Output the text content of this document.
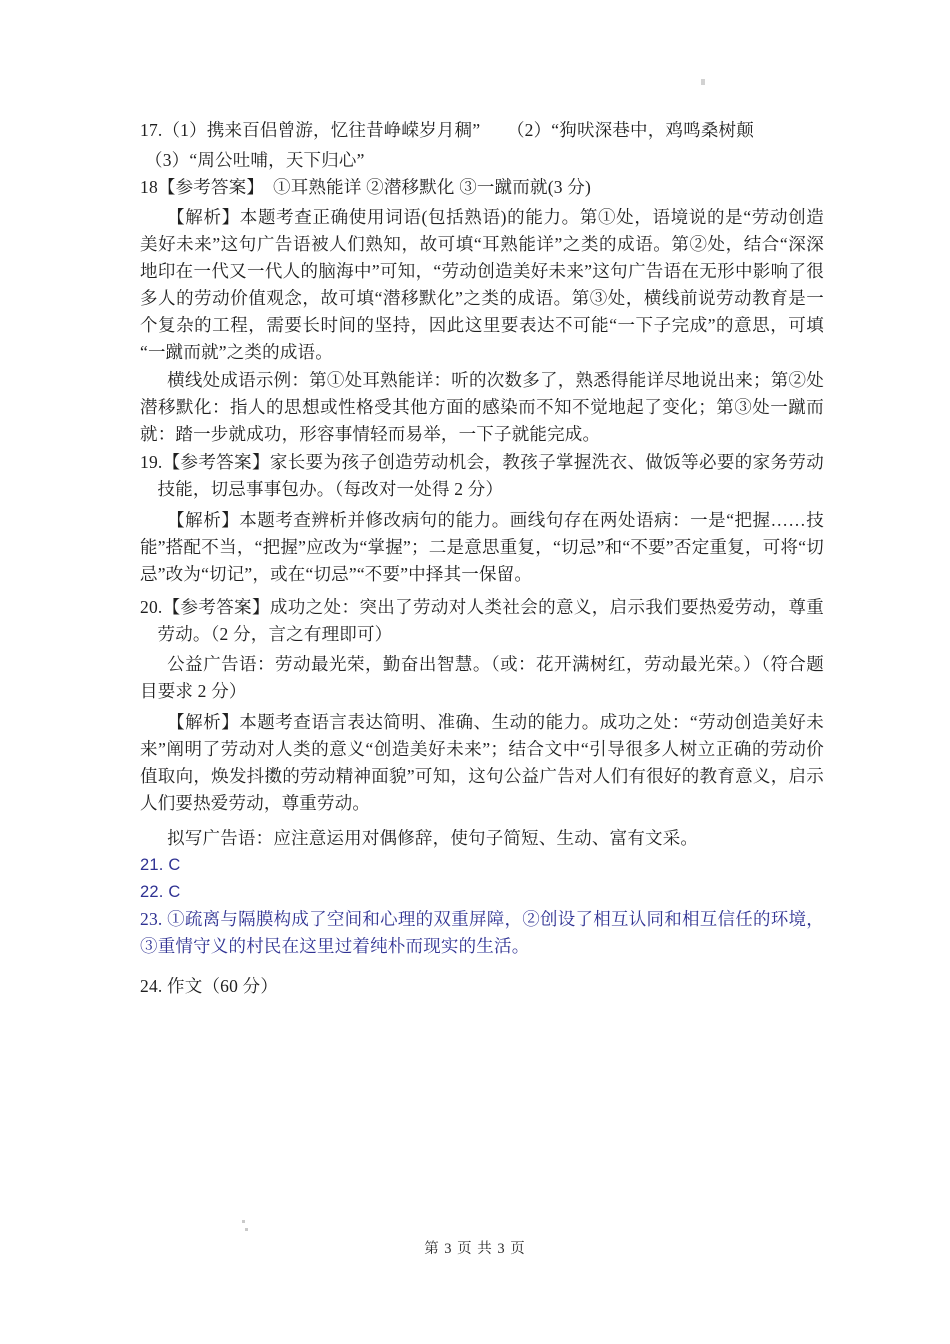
17.（1）携来百侣曾游，忆往昔峥嵘岁月稠”　　（2）“狗吠深巷中，鸡鸣桑树颠

（3）“周公吐哺，天下归心”

18【参考答案】　①耳熟能详 ②潜移默化 ③一蹴而就(3 分)

【解析】本题考查正确使用词语(包括熟语)的能力。第①处，语境说的是“劳动创造美好未来”这句广告语被人们熟知，故可填“耳熟能详”之类的成语。第②处，结合“深深地印在一代又一代人的脑海中”可知，“劳动创造美好未来”这句广告语在无形中影响了很多人的劳动价值观念，故可填“潜移默化”之类的成语。第③处，横线前说劳动教育是一个复杂的工程，需要长时间的坚持，因此这里要表达不可能“一下子完成”的意思，可填“一蹴而就”之类的成语。

横线处成语示例：第①处耳熟能详：听的次数多了，熟悉得能详尽地说出来；第②处潜移默化：指人的思想或性格受其他方面的感染而不知不觉地起了变化；第③处一蹴而就：踏一步就成功，形容事情轻而易举，一下子就能完成。

19.【参考答案】家长要为孩子创造劳动机会，教孩子掌握洗衣、做饭等必要的家务劳动技能，切忌事事包办。（每改对一处得 2 分）

【解析】本题考查辨析并修改病句的能力。画线句存在两处语病：一是“把握……技能”搭配不当，“把握”应改为“掌握”；二是意思重复，“切忌”和“不要”否定重复，可将“切忌”改为“切记”，或在“切忌”“不要”中择其一保留。

20.【参考答案】成功之处：突出了劳动对人类社会的意义，启示我们要热爱劳动，尊重劳动。（2 分，言之有理即可）

公益广告语：劳动最光荣，勤奋出智慧。（或：花开满树红，劳动最光荣。）（符合题目要求 2 分）

【解析】本题考查语言表达简明、准确、生动的能力。成功之处：“劳动创造美好未来”阐明了劳动对人类的意义“创造美好未来”；结合文中“引导很多人树立正确的劳动价值取向，焕发抖擞的劳动精神面貌”可知，这句公益广告对人们有很好的教育意义，启示人们要热爱劳动，尊重劳动。

拟写广告语：应注意运用对偶修辞，使句子简短、生动、富有文采。

21. C

22. C

23. ①疏离与隔膜构成了空间和心理的双重屏障，②创设了相互认同和相互信任的环境，③重情守义的村民在这里过着纯朴而现实的生活。

24. 作文（60 分）

第 3 页 共 3 页
